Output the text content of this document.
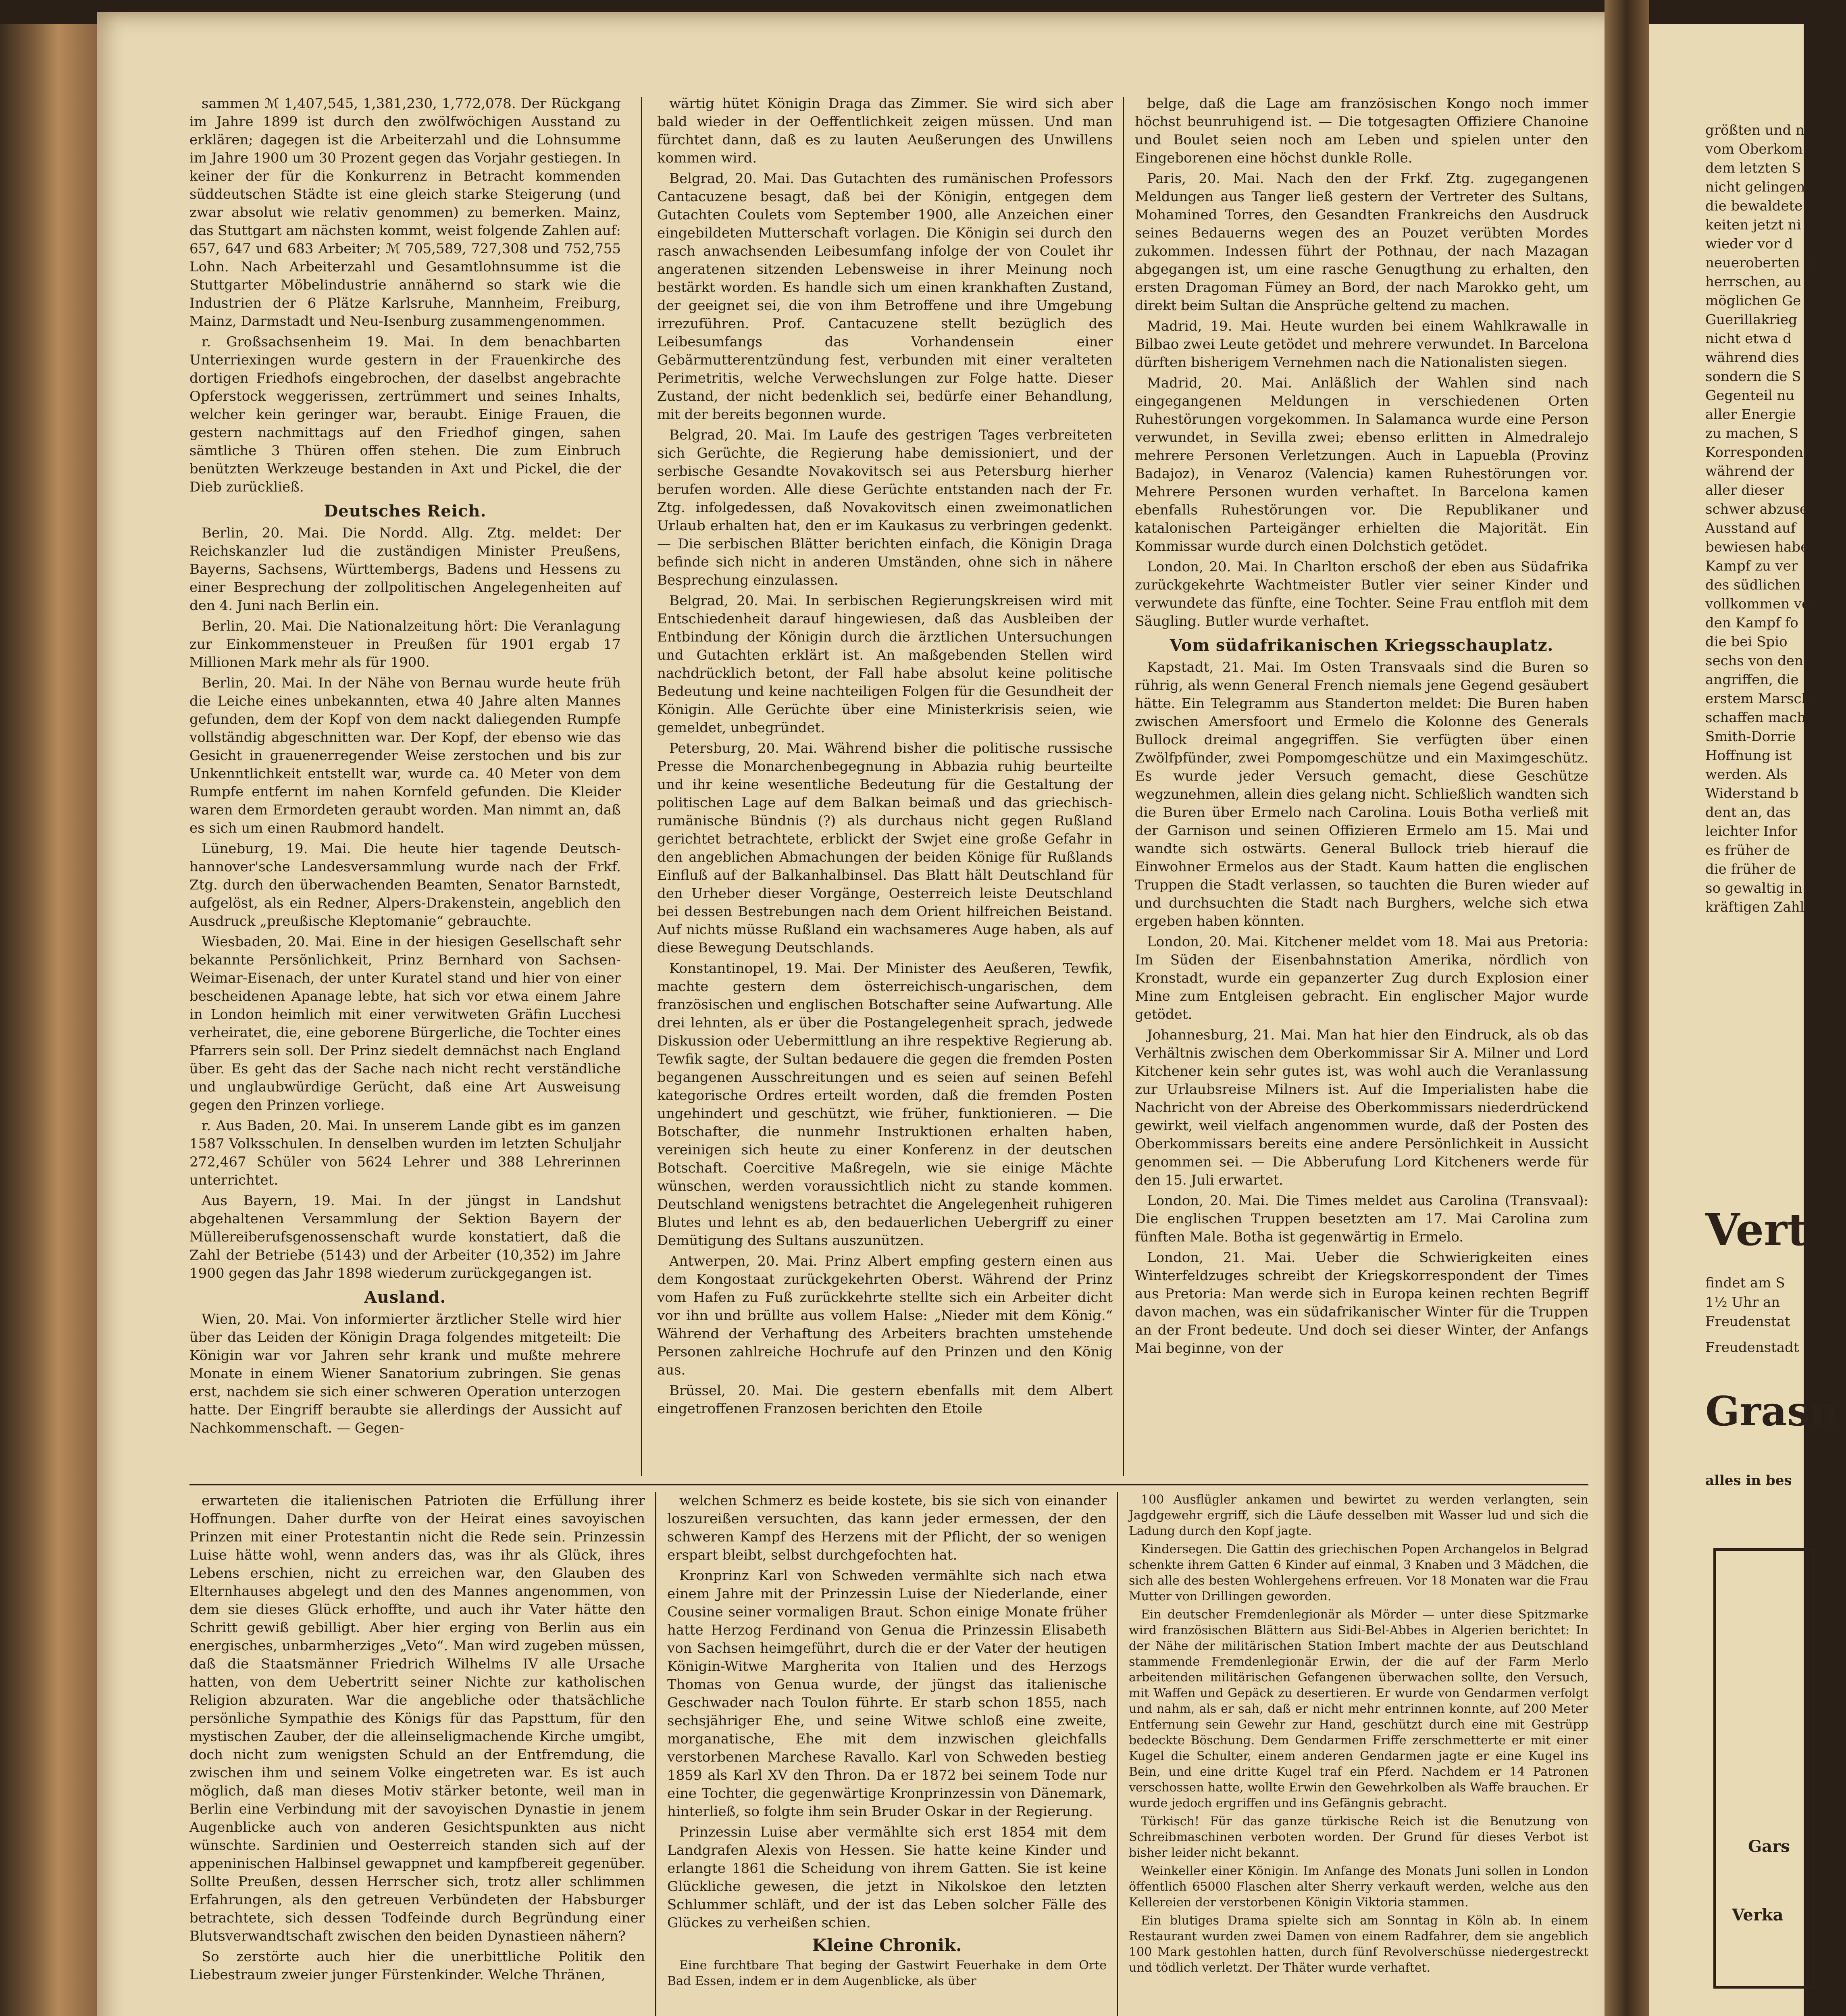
sammen ℳ 1,407,545, 1,381,230, 1,772,078. Der Rückgang im Jahre 1899 ist durch den zwölfwöchigen Ausstand zu erklären; dagegen ist die Arbeiterzahl und die Lohnsumme im Jahre 1900 um 30 Prozent gegen das Vorjahr gestiegen. In keiner der für die Konkurrenz in Betracht kommenden süddeutschen Städte ist eine gleich starke Steigerung (und zwar absolut wie relativ genommen) zu bemerken. Mainz, das Stuttgart am nächsten kommt, weist folgende Zahlen auf: 657, 647 und 683 Arbeiter; ℳ 705,589, 727,308 und 752,755 Lohn. Nach Arbeiterzahl und Gesamtlohnsumme ist die Stuttgarter Möbelindustrie annähernd so stark wie die Industrien der 6 Plätze Karlsruhe, Mannheim, Freiburg, Mainz, Darmstadt und Neu-Isenburg zusammengenommen.

r. Großsachsenheim 19. Mai. In dem benachbarten Unterriexingen wurde gestern in der Frauenkirche des dortigen Friedhofs eingebrochen, der daselbst angebrachte Opferstock weggerissen, zertrümmert und seines Inhalts, welcher kein geringer war, beraubt. Einige Frauen, die gestern nachmittags auf den Friedhof gingen, sahen sämtliche 3 Thüren offen stehen. Die zum Einbruch benützten Werkzeuge bestanden in Axt und Pickel, die der Dieb zurückließ.

Deutsches Reich.

Berlin, 20. Mai. Die Nordd. Allg. Ztg. meldet: Der Reichskanzler lud die zuständigen Minister Preußens, Bayerns, Sachsens, Württembergs, Badens und Hessens zu einer Besprechung der zollpolitischen Angelegenheiten auf den 4. Juni nach Berlin ein.

Berlin, 20. Mai. Die Nationalzeitung hört: Die Veranlagung zur Einkommensteuer in Preußen für 1901 ergab 17 Millionen Mark mehr als für 1900.

Berlin, 20. Mai. In der Nähe von Bernau wurde heute früh die Leiche eines unbekannten, etwa 40 Jahre alten Mannes gefunden, dem der Kopf von dem nackt daliegenden Rumpfe vollständig abgeschnitten war. Der Kopf, der ebenso wie das Gesicht in grauenerregender Weise zerstochen und bis zur Unkenntlichkeit entstellt war, wurde ca. 40 Meter von dem Rumpfe entfernt im nahen Kornfeld gefunden. Die Kleider waren dem Ermordeten geraubt worden. Man nimmt an, daß es sich um einen Raubmord handelt.

Lüneburg, 19. Mai. Die heute hier tagende Deutsch-hannover'sche Landesversammlung wurde nach der Frkf. Ztg. durch den überwachenden Beamten, Senator Barnstedt, aufgelöst, als ein Redner, Alpers-Drakenstein, angeblich den Ausdruck „preußische Kleptomanie“ gebrauchte.

Wiesbaden, 20. Mai. Eine in der hiesigen Gesellschaft sehr bekannte Persönlichkeit, Prinz Bernhard von Sachsen-Weimar-Eisenach, der unter Kuratel stand und hier von einer bescheidenen Apanage lebte, hat sich vor etwa einem Jahre in London heimlich mit einer verwitweten Gräfin Lucchesi verheiratet, die, eine geborene Bürgerliche, die Tochter eines Pfarrers sein soll. Der Prinz siedelt demnächst nach England über. Es geht das der Sache nach nicht recht verständliche und unglaubwürdige Gerücht, daß eine Art Ausweisung gegen den Prinzen vorliege.

r. Aus Baden, 20. Mai. In unserem Lande gibt es im ganzen 1587 Volksschulen. In denselben wurden im letzten Schuljahr 272,467 Schüler von 5624 Lehrer und 388 Lehrerinnen unterrichtet.

Aus Bayern, 19. Mai. In der jüngst in Landshut abgehaltenen Versammlung der Sektion Bayern der Müllereiberufsgenossenschaft wurde konstatiert, daß die Zahl der Betriebe (5143) und der Arbeiter (10,352) im Jahre 1900 gegen das Jahr 1898 wiederum zurückgegangen ist.

Ausland.

Wien, 20. Mai. Von informierter ärztlicher Stelle wird hier über das Leiden der Königin Draga folgendes mitgeteilt: Die Königin war vor Jahren sehr krank und mußte mehrere Monate in einem Wiener Sanatorium zubringen. Sie genas erst, nachdem sie sich einer schweren Operation unterzogen hatte. Der Eingriff beraubte sie allerdings der Aussicht auf Nachkommenschaft. — Gegen-

wärtig hütet Königin Draga das Zimmer. Sie wird sich aber bald wieder in der Oeffentlichkeit zeigen müssen. Und man fürchtet dann, daß es zu lauten Aeußerungen des Unwillens kommen wird.

Belgrad, 20. Mai. Das Gutachten des rumänischen Professors Cantacuzene besagt, daß bei der Königin, entgegen dem Gutachten Coulets vom September 1900, alle Anzeichen einer eingebildeten Mutterschaft vorlagen. Die Königin sei durch den rasch anwachsenden Leibesumfang infolge der von Coulet ihr angeratenen sitzenden Lebensweise in ihrer Meinung noch bestärkt worden. Es handle sich um einen krankhaften Zustand, der geeignet sei, die von ihm Betroffene und ihre Umgebung irrezuführen. Prof. Cantacuzene stellt bezüglich des Leibesumfangs das Vorhandensein einer Gebärmutterentzündung fest, verbunden mit einer veralteten Perimetritis, welche Verwechslungen zur Folge hatte. Dieser Zustand, der nicht bedenklich sei, bedürfe einer Behandlung, mit der bereits begonnen wurde.

Belgrad, 20. Mai. Im Laufe des gestrigen Tages verbreiteten sich Gerüchte, die Regierung habe demissioniert, und der serbische Gesandte Novakovitsch sei aus Petersburg hierher berufen worden. Alle diese Gerüchte entstanden nach der Fr. Ztg. infolgedessen, daß Novakovitsch einen zweimonatlichen Urlaub erhalten hat, den er im Kaukasus zu verbringen gedenkt. — Die serbischen Blätter berichten einfach, die Königin Draga befinde sich nicht in anderen Umständen, ohne sich in nähere Besprechung einzulassen.

Belgrad, 20. Mai. In serbischen Regierungskreisen wird mit Entschiedenheit darauf hingewiesen, daß das Ausbleiben der Entbindung der Königin durch die ärztlichen Untersuchungen und Gutachten erklärt ist. An maßgebenden Stellen wird nachdrücklich betont, der Fall habe absolut keine politische Bedeutung und keine nachteiligen Folgen für die Gesundheit der Königin. Alle Gerüchte über eine Ministerkrisis seien, wie gemeldet, unbegründet.

Petersburg, 20. Mai. Während bisher die politische russische Presse die Monarchenbegegnung in Abbazia ruhig beurteilte und ihr keine wesentliche Bedeutung für die Gestaltung der politischen Lage auf dem Balkan beimaß und das griechisch-rumänische Bündnis (?) als durchaus nicht gegen Rußland gerichtet betrachtete, erblickt der Swjet eine große Gefahr in den angeblichen Abmachungen der beiden Könige für Rußlands Einfluß auf der Balkanhalbinsel. Das Blatt hält Deutschland für den Urheber dieser Vorgänge, Oesterreich leiste Deutschland bei dessen Bestrebungen nach dem Orient hilfreichen Beistand. Auf nichts müsse Rußland ein wachsameres Auge haben, als auf diese Bewegung Deutschlands.

Konstantinopel, 19. Mai. Der Minister des Aeußeren, Tewfik, machte gestern dem österreichisch-ungarischen, dem französischen und englischen Botschafter seine Aufwartung. Alle drei lehnten, als er über die Postangelegenheit sprach, jedwede Diskussion oder Uebermittlung an ihre respektive Regierung ab. Tewfik sagte, der Sultan bedauere die gegen die fremden Posten begangenen Ausschreitungen und es seien auf seinen Befehl kategorische Ordres erteilt worden, daß die fremden Posten ungehindert und geschützt, wie früher, funktionieren. — Die Botschafter, die nunmehr Instruktionen erhalten haben, vereinigen sich heute zu einer Konferenz in der deutschen Botschaft. Coercitive Maßregeln, wie sie einige Mächte wünschen, werden voraussichtlich nicht zu stande kommen. Deutschland wenigstens betrachtet die Angelegenheit ruhigeren Blutes und lehnt es ab, den bedauerlichen Uebergriff zu einer Demütigung des Sultans auszunützen.

Antwerpen, 20. Mai. Prinz Albert empfing gestern einen aus dem Kongostaat zurückgekehrten Oberst. Während der Prinz vom Hafen zu Fuß zurückkehrte stellte sich ein Arbeiter dicht vor ihn und brüllte aus vollem Halse: „Nieder mit dem König.“ Während der Verhaftung des Arbeiters brachten umstehende Personen zahlreiche Hochrufe auf den Prinzen und den König aus.

Brüssel, 20. Mai. Die gestern ebenfalls mit dem Albert eingetroffenen Franzosen berichten den Etoile

belge, daß die Lage am französischen Kongo noch immer höchst beunruhigend ist. — Die totgesagten Offiziere Chanoine und Boulet seien noch am Leben und spielen unter den Eingeborenen eine höchst dunkle Rolle.

Paris, 20. Mai. Nach den der Frkf. Ztg. zugegangenen Meldungen aus Tanger ließ gestern der Vertreter des Sultans, Mohamined Torres, den Gesandten Frankreichs den Ausdruck seines Bedauerns wegen des an Pouzet verübten Mordes zukommen. Indessen führt der Pothnau, der nach Mazagan abgegangen ist, um eine rasche Genugthung zu erhalten, den ersten Dragoman Fümey an Bord, der nach Marokko geht, um direkt beim Sultan die Ansprüche geltend zu machen.

Madrid, 19. Mai. Heute wurden bei einem Wahlkrawalle in Bilbao zwei Leute getödet und mehrere verwundet. In Barcelona dürften bisherigem Vernehmen nach die Nationalisten siegen.

Madrid, 20. Mai. Anläßlich der Wahlen sind nach eingegangenen Meldungen in verschiedenen Orten Ruhestörungen vorgekommen. In Salamanca wurde eine Person verwundet, in Sevilla zwei; ebenso erlitten in Almedralejo mehrere Personen Verletzungen. Auch in Lapuebla (Provinz Badajoz), in Venaroz (Valencia) kamen Ruhestörungen vor. Mehrere Personen wurden verhaftet. In Barcelona kamen ebenfalls Ruhestörungen vor. Die Republikaner und katalonischen Parteigänger erhielten die Majorität. Ein Kommissar wurde durch einen Dolchstich getödet.

London, 20. Mai. In Charlton erschoß der eben aus Südafrika zurückgekehrte Wachtmeister Butler vier seiner Kinder und verwundete das fünfte, eine Tochter. Seine Frau entfloh mit dem Säugling. Butler wurde verhaftet.

Vom südafrikanischen Kriegsschauplatz.

Kapstadt, 21. Mai. Im Osten Transvaals sind die Buren so rührig, als wenn General French niemals jene Gegend gesäubert hätte. Ein Telegramm aus Standerton meldet: Die Buren haben zwischen Amersfoort und Ermelo die Kolonne des Generals Bullock dreimal angegriffen. Sie verfügten über einen Zwölfpfünder, zwei Pompomgeschütze und ein Maximgeschütz. Es wurde jeder Versuch gemacht, diese Geschütze wegzunehmen, allein dies gelang nicht. Schließlich wandten sich die Buren über Ermelo nach Carolina. Louis Botha verließ mit der Garnison und seinen Offizieren Ermelo am 15. Mai und wandte sich ostwärts. General Bullock trieb hierauf die Einwohner Ermelos aus der Stadt. Kaum hatten die englischen Truppen die Stadt verlassen, so tauchten die Buren wieder auf und durchsuchten die Stadt nach Burghers, welche sich etwa ergeben haben könnten.

London, 20. Mai. Kitchener meldet vom 18. Mai aus Pretoria: Im Süden der Eisenbahnstation Amerika, nördlich von Kronstadt, wurde ein gepanzerter Zug durch Explosion einer Mine zum Entgleisen gebracht. Ein englischer Major wurde getödet.

Johannesburg, 21. Mai. Man hat hier den Eindruck, als ob das Verhältnis zwischen dem Oberkommissar Sir A. Milner und Lord Kitchener kein sehr gutes ist, was wohl auch die Veranlassung zur Urlaubsreise Milners ist. Auf die Imperialisten habe die Nachricht von der Abreise des Oberkommissars niederdrückend gewirkt, weil vielfach angenommen wurde, daß der Posten des Oberkommissars bereits eine andere Persönlichkeit in Aussicht genommen sei. — Die Abberufung Lord Kitcheners werde für den 15. Juli erwartet.

London, 20. Mai. Die Times meldet aus Carolina (Transvaal): Die englischen Truppen besetzten am 17. Mai Carolina zum fünften Male. Botha ist gegenwärtig in Ermelo.

London, 21. Mai. Ueber die Schwierigkeiten eines Winterfeldzuges schreibt der Kriegskorrespondent der Times aus Pretoria: Man werde sich in Europa keinen rechten Begriff davon machen, was ein südafrikanischer Winter für die Truppen an der Front bedeute. Und doch sei dieser Winter, der Anfangs Mai beginne, von der

erwarteten die italienischen Patrioten die Erfüllung ihrer Hoffnungen. Daher durfte von der Heirat eines savoyischen Prinzen mit einer Protestantin nicht die Rede sein. Prinzessin Luise hätte wohl, wenn anders das, was ihr als Glück, ihres Lebens erschien, nicht zu erreichen war, den Glauben des Elternhauses abgelegt und den des Mannes angenommen, von dem sie dieses Glück erhoffte, und auch ihr Vater hätte den Schritt gewiß gebilligt. Aber hier erging von Berlin aus ein energisches, unbarmherziges „Veto“. Man wird zugeben müssen, daß die Staatsmänner Friedrich Wilhelms IV alle Ursache hatten, von dem Uebertritt seiner Nichte zur katholischen Religion abzuraten. War die angebliche oder thatsächliche persönliche Sympathie des Königs für das Papsttum, für den mystischen Zauber, der die alleinseligmachende Kirche umgibt, doch nicht zum wenigsten Schuld an der Entfremdung, die zwischen ihm und seinem Volke eingetreten war. Es ist auch möglich, daß man dieses Motiv stärker betonte, weil man in Berlin eine Verbindung mit der savoyischen Dynastie in jenem Augenblicke auch von anderen Gesichtspunkten aus nicht wünschte. Sardinien und Oesterreich standen sich auf der appeninischen Halbinsel gewappnet und kampfbereit gegenüber. Sollte Preußen, dessen Herrscher sich, trotz aller schlimmen Erfahrungen, als den getreuen Verbündeten der Habsburger betrachtete, sich dessen Todfeinde durch Begründung einer Blutsverwandtschaft zwischen den beiden Dynastieen nähern?

So zerstörte auch hier die unerbittliche Politik den Liebestraum zweier junger Fürstenkinder. Welche Thränen,

welchen Schmerz es beide kostete, bis sie sich von einander loszureißen versuchten, das kann jeder ermessen, der den schweren Kampf des Herzens mit der Pflicht, der so wenigen erspart bleibt, selbst durchgefochten hat.

Kronprinz Karl von Schweden vermählte sich nach etwa einem Jahre mit der Prinzessin Luise der Niederlande, einer Cousine seiner vormaligen Braut. Schon einige Monate früher hatte Herzog Ferdinand von Genua die Prinzessin Elisabeth von Sachsen heimgeführt, durch die er der Vater der heutigen Königin-Witwe Margherita von Italien und des Herzogs Thomas von Genua wurde, der jüngst das italienische Geschwader nach Toulon führte. Er starb schon 1855, nach sechsjähriger Ehe, und seine Witwe schloß eine zweite, morganatische, Ehe mit dem inzwischen gleichfalls verstorbenen Marchese Ravallo. Karl von Schweden bestieg 1859 als Karl XV den Thron. Da er 1872 bei seinem Tode nur eine Tochter, die gegenwärtige Kronprinzessin von Dänemark, hinterließ, so folgte ihm sein Bruder Oskar in der Regierung.

Prinzessin Luise aber vermählte sich erst 1854 mit dem Landgrafen Alexis von Hessen. Sie hatte keine Kinder und erlangte 1861 die Scheidung von ihrem Gatten. Sie ist keine Glückliche gewesen, die jetzt in Nikolskoe den letzten Schlummer schläft, und der ist das Leben solcher Fälle des Glückes zu verheißen schien.

Kleine Chronik.

Eine furchtbare That beging der Gastwirt Feuerhake in dem Orte Bad Essen, indem er in dem Augenblicke, als über

100 Ausflügler ankamen und bewirtet zu werden verlangten, sein Jagdgewehr ergriff, sich die Läufe desselben mit Wasser lud und sich die Ladung durch den Kopf jagte.

Kindersegen. Die Gattin des griechischen Popen Archangelos in Belgrad schenkte ihrem Gatten 6 Kinder auf einmal, 3 Knaben und 3 Mädchen, die sich alle des besten Wohlergehens erfreuen. Vor 18 Monaten war die Frau Mutter von Drillingen geworden.

Ein deutscher Fremdenlegionär als Mörder — unter diese Spitzmarke wird französischen Blättern aus Sidi-Bel-Abbes in Algerien berichtet: In der Nähe der militärischen Station Imbert machte der aus Deutschland stammende Fremdenlegionär Erwin, der die auf der Farm Merlo arbeitenden militärischen Gefangenen überwachen sollte, den Versuch, mit Waffen und Gepäck zu desertieren. Er wurde von Gendarmen verfolgt und nahm, als er sah, daß er nicht mehr entrinnen konnte, auf 200 Meter Entfernung sein Gewehr zur Hand, geschützt durch eine mit Gestrüpp bedeckte Böschung. Dem Gendarmen Friffe zerschmetterte er mit einer Kugel die Schulter, einem anderen Gendarmen jagte er eine Kugel ins Bein, und eine dritte Kugel traf ein Pferd. Nachdem er 14 Patronen verschossen hatte, wollte Erwin den Gewehrkolben als Waffe brauchen. Er wurde jedoch ergriffen und ins Gefängnis gebracht.

Türkisch! Für das ganze türkische Reich ist die Benutzung von Schreibmaschinen verboten worden. Der Grund für dieses Verbot ist bisher leider nicht bekannt.

Weinkeller einer Königin. Im Anfange des Monats Juni sollen in London öffentlich 65000 Flaschen alter Sherry verkauft werden, welche aus den Kellereien der verstorbenen Königin Viktoria stammen.

Ein blutiges Drama spielte sich am Sonntag in Köln ab. In einem Restaurant wurden zwei Damen von einem Radfahrer, dem sie angeblich 100 Mark gestohlen hatten, durch fünf Revolverschüsse niedergestreckt und tödlich verletzt. Der Thäter wurde verhaftet.

größten und n
vom Oberkom
dem letzten S
nicht gelingen
die bewaldete
keiten jetzt ni
wieder vor d
neueroberten G
herrschen, au
möglichen Ge
Guerillakrieg
nicht etwa d
während dies
sondern die S
Gegenteil nu
aller Energie
zu machen, S
Korrespondent
während der
aller dieser
schwer abzuse
Ausstand auf
bewiesen habe
Kampf zu ver
des südlichen
vollkommen ve
den Kampf fo
die bei Spio
sechs von den
angriffen, die
erstem Marsch
schaffen mach
Smith-Dorrie
Hoffnung ist
werden. Als
Widerstand b
dent an, das
leichter Infor
es früher de
die früher de
so gewaltig in
kräftigen Zahl
Vert
findet am S
1½ Uhr an
Freudenstat
Freudenstadt
Grasn
alles in bes
Gars
Verka
